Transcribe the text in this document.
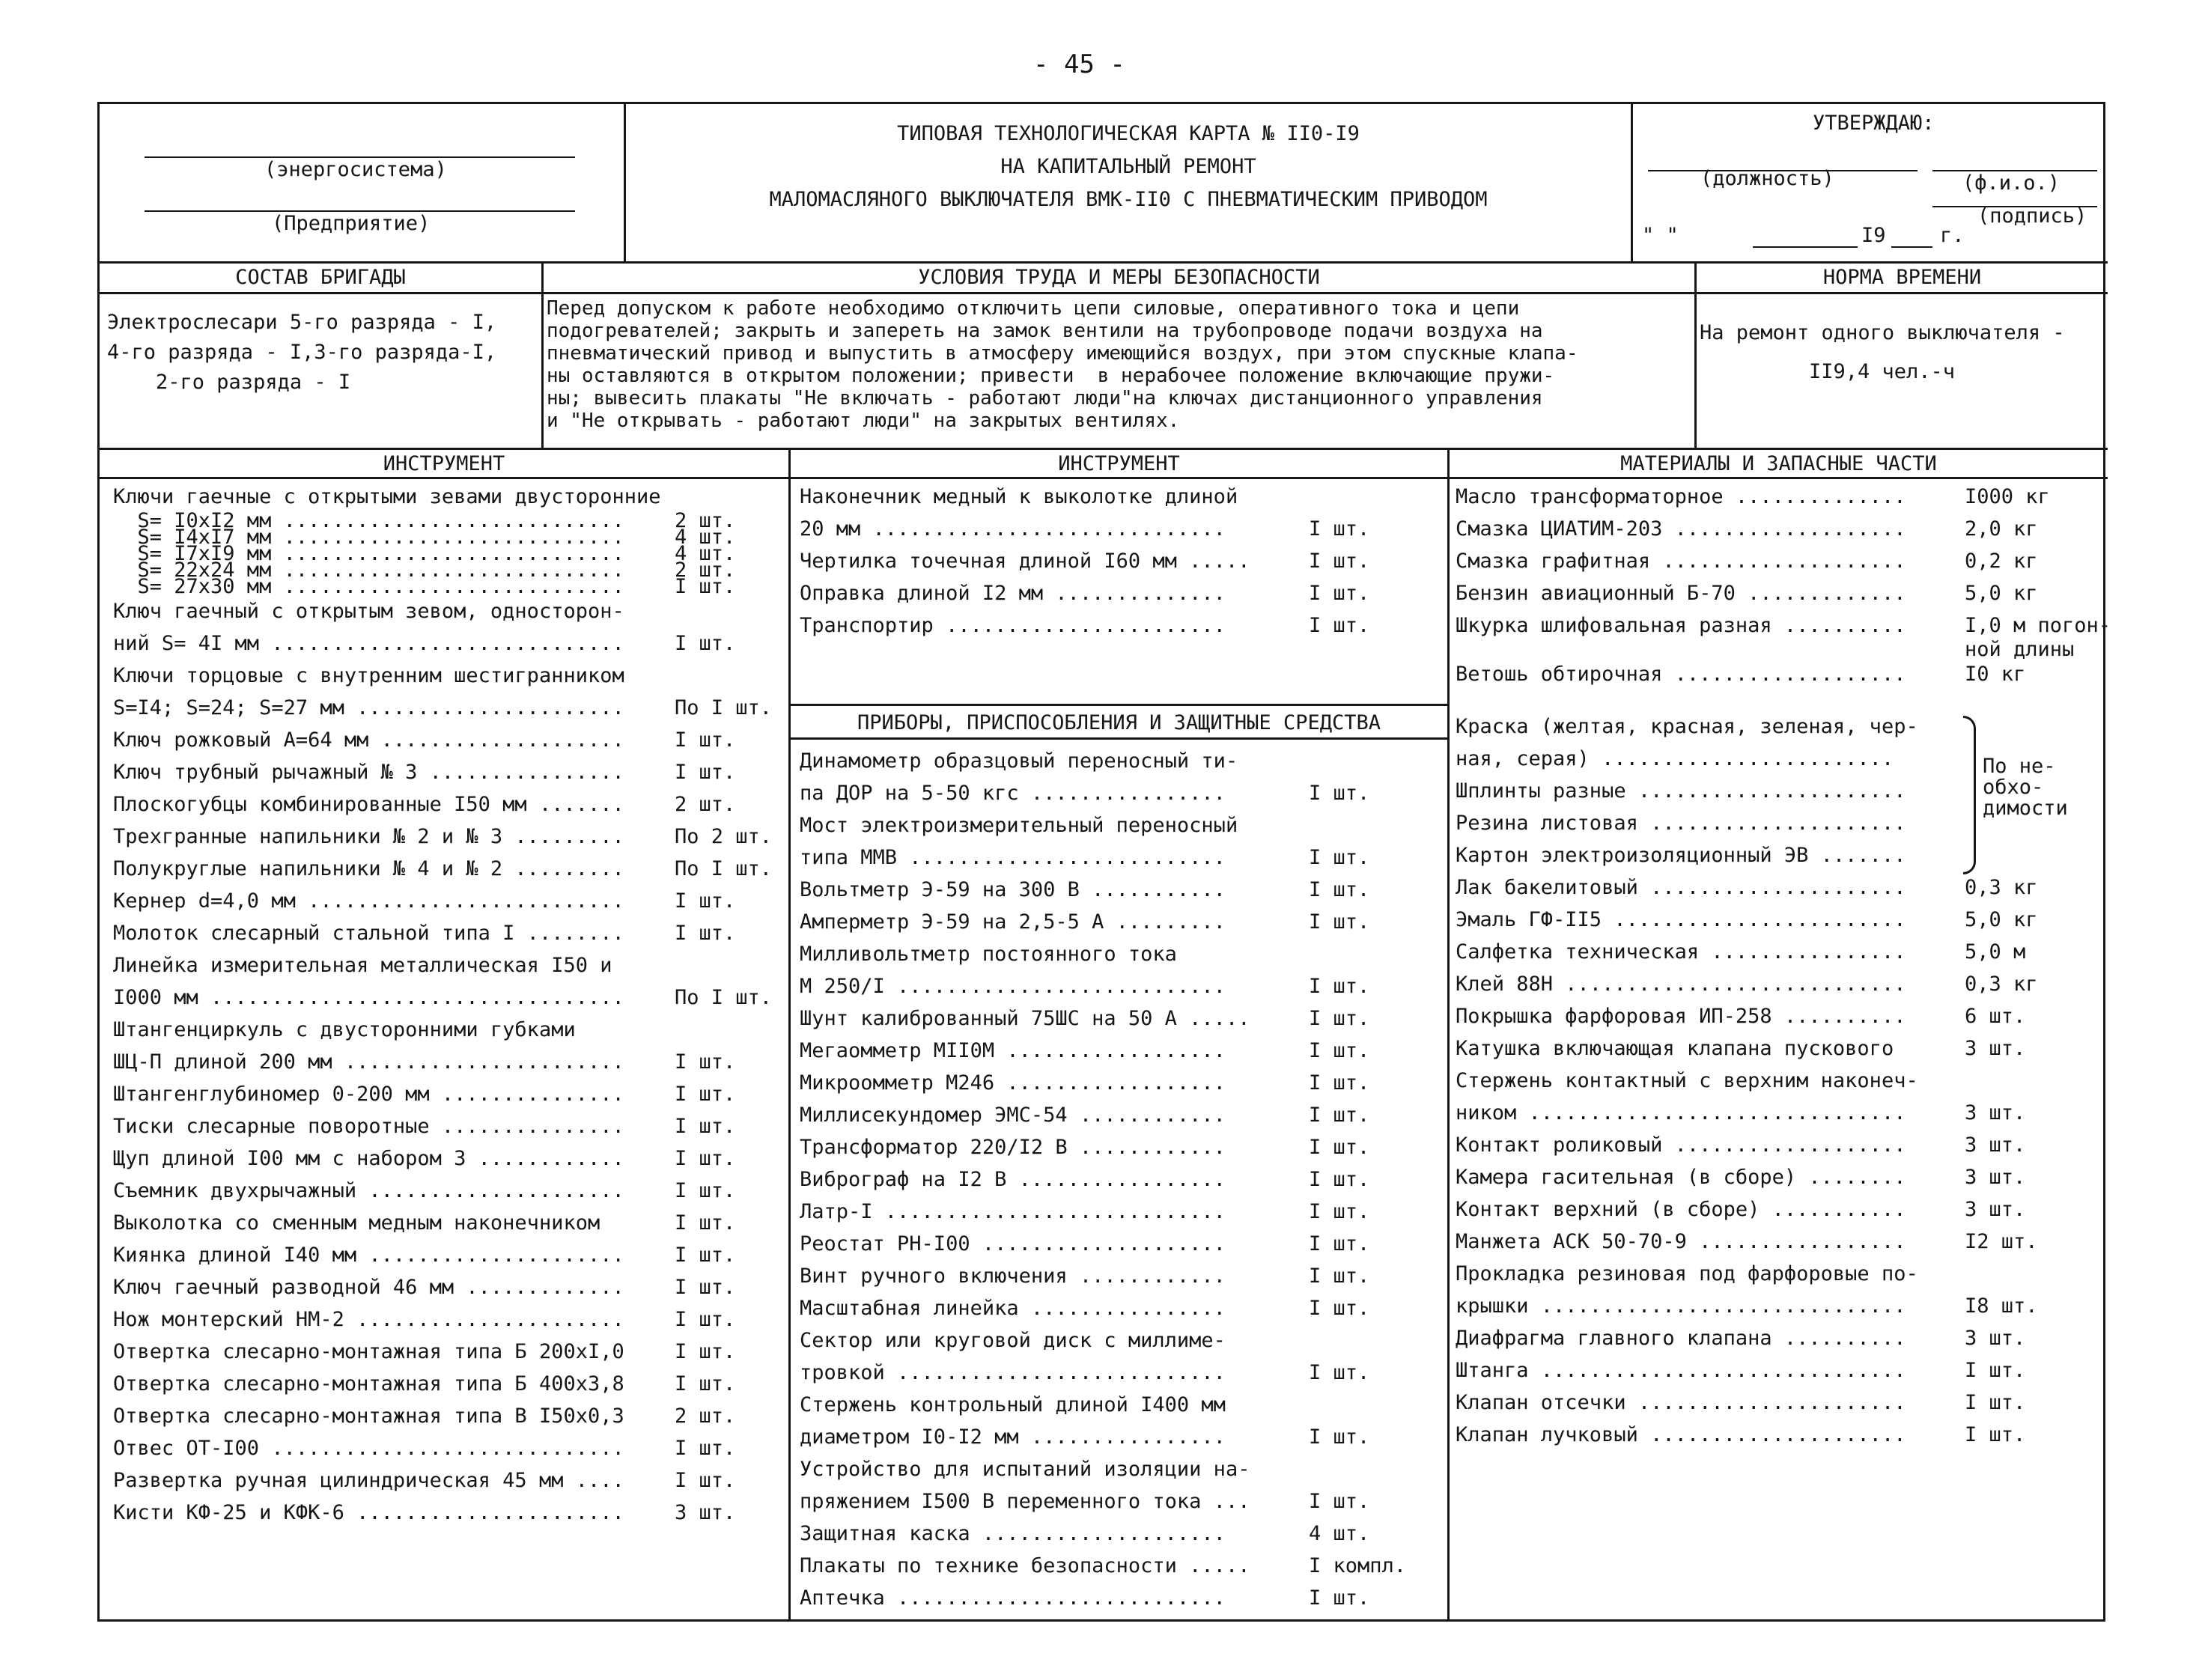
- 45 -
(энергосистема)
(Предприятие)
ТИПОВАЯ ТЕХНОЛОГИЧЕСКАЯ КАРТА № II0-I9
НА КАПИТАЛЬНЫЙ РЕМОНТ
МАЛОМАСЛЯНОГО ВЫКЛЮЧАТЕЛЯ ВМК-II0 С ПНЕВМАТИЧЕСКИМ ПРИВОДОМ
УТВЕРЖДАЮ:
(должность)	(ф.и.о.)
" "	I9	г.
(подпись)
СОСТАВ БРИГАДЫ	УСЛОВИЯ ТРУДА И МЕРЫ БЕЗОПАСНОСТИ	НОРМА ВРЕМЕНИ
Электрослесари 5-го разряда - I,
4-го разряда - I,3-го разряда-I,
2-го разряда - I
Перед допуском к работе необходимо отключить цепи силовые, оперативного тока и цепи
подогревателей; закрыть и запереть на замок вентили на трубопроводе подачи воздуха на
пневматический привод и выпустить в атмосферу имеющийся воздух, при этом спускные клапа-
ны оставляются в открытом положении; привести  в нерабочее положение включающие пружи-
ны; вывесить плакаты "Не включать - работают люди"на ключах дистанционного управления
и "Не открывать - работают люди" на закрытых вентилях.
На ремонт одного выключателя -
II9,4 чел.-ч
ИНСТРУМЕНТ	ИНСТРУМЕНТ	МАТЕРИАЛЫ И ЗАПАСНЫЕ ЧАСТИ
Ключи гаечные с открытыми зевами двусторонние
S= I0xI2 мм ............................ 2 шт.
S= I4xI7 мм ............................ 4 шт.
S= I7xI9 мм ............................ 4 шт.
S= 22x24 мм ............................ 2 шт.
S= 27x30 мм ............................ I шт.
Ключ гаечный с открытым зевом, односторон-
ний S= 4I мм ............................. I шт.
Ключи торцовые с внутренним шестигранником
S=I4; S=24; S=27 мм ...................... По I шт.
Ключ рожковый А=64 мм .................... I шт.
Ключ трубный рычажный № 3 ................ I шт.
Плоскогубцы комбинированные I50 мм ....... 2 шт.
Трехгранные напильники № 2 и № 3 ......... По 2 шт.
Полукруглые напильники № 4 и № 2 ......... По I шт.
Кернер d=4,0 мм .......................... I шт.
Молоток слесарный стальной типа I ........ I шт.
Линейка измерительная металлическая I50 и
I000 мм .................................. По I шт.
Штангенциркуль с двусторонними губками
ШЦ-П длиной 200 мм ....................... I шт.
Штангенглубиномер 0-200 мм ............... I шт.
Тиски слесарные поворотные ............... I шт.
Щуп длиной I00 мм с набором 3 ............ I шт.
Съемник двухрычажный ..................... I шт.
Выколотка со сменным медным наконечником	I шт.
Киянка длиной I40 мм ..................... I шт.
Ключ гаечный разводной 46 мм ............. I шт.
Нож монтерский НМ-2 ...................... I шт.
Отвертка слесарно-монтажная типа Б 200xI,0 I шт.
Отвертка слесарно-монтажная типа Б 400x3,8 I шт.
Отвертка слесарно-монтажная типа В I50x0,3 2 шт.
Отвес ОТ-I00 ............................. I шт.
Развертка ручная цилиндрическая 45 мм .... I шт.
Кисти КФ-25 и КФК-6 ...................... 3 шт.
Наконечник медный к выколотке длиной
20 мм .............................	I шт.
Чертилка точечная длиной I60 мм .....	I шт.
Оправка длиной I2 мм ..............	I шт.
Транспортир .......................	I шт.
ПРИБОРЫ, ПРИСПОСОБЛЕНИЯ И ЗАЩИТНЫЕ СРЕДСТВА
Динамометр образцовый переносный ти-
па ДОР на 5-50 кгс ................	I шт.
Мост электроизмерительный переносный
типа ММВ ..........................	I шт.
Вольтметр Э-59 на 300 В ...........	I шт.
Амперметр Э-59 на 2,5-5 А .........	I шт.
Милливольтметр постоянного тока
М 250/I ...........................	I шт.
Шунт калиброванный 75ШС на 50 А .....	I шт.
Мегаомметр МII0М ..................	I шт.
Микроомметр М246 ..................	I шт.
Миллисекундомер ЭМС-54 ............	I шт.
Трансформатор 220/I2 В ............	I шт.
Виброграф на I2 В .................	I шт.
Латр-I ............................	I шт.
Реостат РН-I00 ....................	I шт.
Винт ручного включения ............	I шт.
Масштабная линейка ................	I шт.
Сектор или круговой диск с миллиме-
тровкой ...........................	I шт.
Стержень контрольный длиной I400 мм
диаметром I0-I2 мм ................	I шт.
Устройство для испытаний изоляции на-
пряжением I500 В переменного тока ...	I шт.
Защитная каска ....................	4 шт.
Плакаты по технике безопасности .....	I компл.
Аптечка ...........................	I шт.
Масло трансформаторное ..............	I000 кг
Смазка ЦИАТИМ-203 ...................	2,0 кг
Смазка графитная ....................	0,2 кг
Бензин авиационный Б-70 .............	5,0 кг
Шкурка шлифовальная разная ..........	I,0 м погон-
ной длины
Ветошь обтирочная ...................	I0 кг
Краска (желтая, красная, зеленая, чер-
ная, серая) ........................
Шплинты разные ......................
Резина листовая .....................
Картон электроизоляционный ЭВ .......
По не-
обхо-
димости
Лак бакелитовый .....................	0,3 кг
Эмаль ГФ-II5 ........................	5,0 кг
Салфетка техническая ................	5,0 м
Клей 88Н ............................	0,3 кг
Покрышка фарфоровая ИП-258 ..........	6 шт.
Катушка включающая клапана пускового	3 шт.
Стержень контактный с верхним наконеч-
ником ...............................	3 шт.
Контакт роликовый ...................	3 шт.
Камера гасительная (в сборе) ........	3 шт.
Контакт верхний (в сборе) ...........	3 шт.
Манжета АСК 50-70-9 .................	I2 шт.
Прокладка резиновая под фарфоровые по-
крышки ..............................	I8 шт.
Диафрагма главного клапана ..........	3 шт.
Штанга ..............................	I шт.
Клапан отсечки ......................	I шт.
Клапан лучковый .....................	I шт.
